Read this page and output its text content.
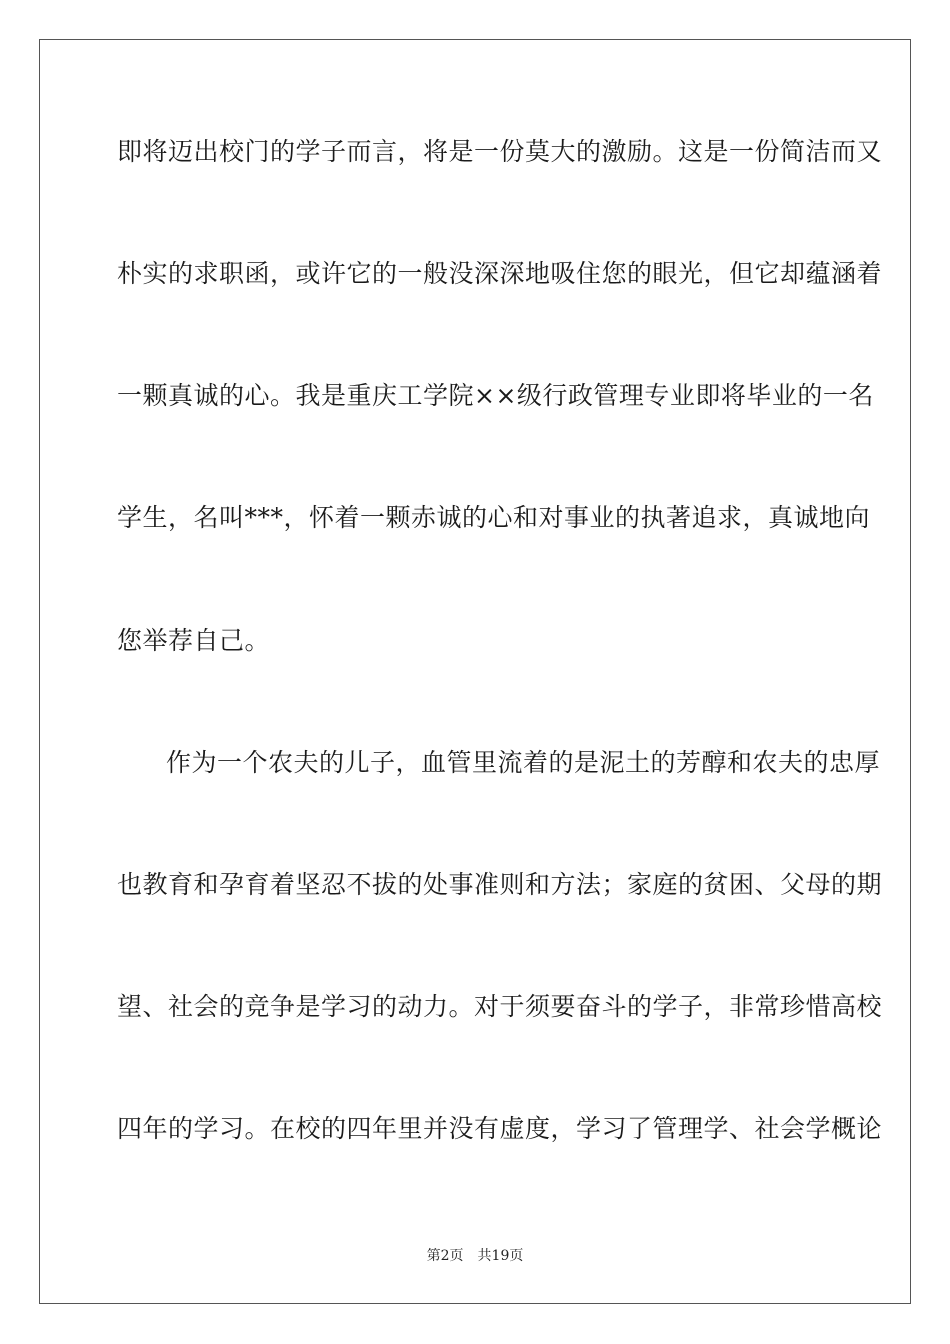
即将迈出校门的学子而言，将是一份莫大的激励。这是一份简洁而又
朴实的求职函，或许它的一般没深深地吸住您的眼光，但它却蕴涵着
一颗真诚的心。我是重庆工学院××级行政管理专业即将毕业的一名
学生，名叫***，怀着一颗赤诚的心和对事业的执著追求，真诚地向
您举荐自己。
作为一个农夫的儿子，血管里流着的是泥土的芳醇和农夫的忠厚
也教育和孕育着坚忍不拔的处事准则和方法；家庭的贫困、父母的期
望、社会的竞争是学习的动力。对于须要奋斗的学子，非常珍惜高校
四年的学习。在校的四年里并没有虚度，学习了管理学、社会学概论
第2页 共19页
